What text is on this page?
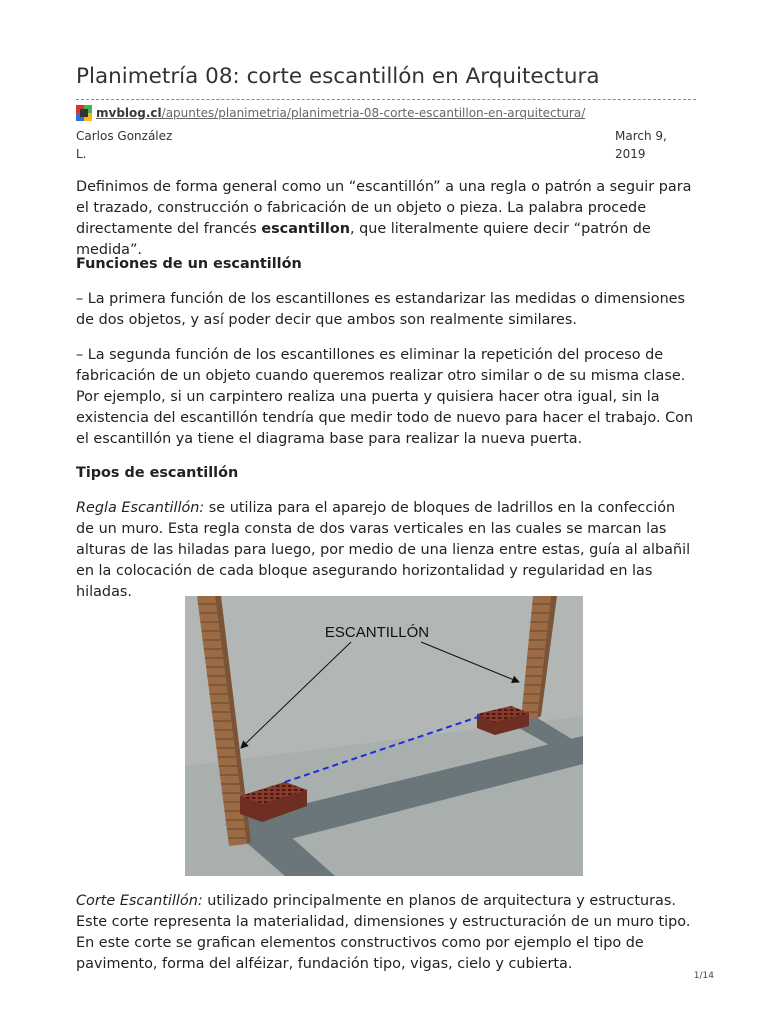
Planimetría 08: corte escantillón en Arquitectura
mvblog.cl/apuntes/planimetria/planimetria-08-corte-escantillon-en-arquitectura/
Carlos González
L.
March 9,
2019

Definimos de forma general como un “escantillón” a una regla o patrón a seguir para el trazado, construcción o fabricación de un objeto o pieza. La palabra procede directamente del francés escantillon, que literalmente quiere decir “patrón de medida”.

Funciones de un escantillón

– La primera función de los escantillones es estandarizar las medidas o dimensiones de dos objetos, y así poder decir que ambos son realmente similares.

– La segunda función de los escantillones es eliminar la repetición del proceso de fabricación de un objeto cuando queremos realizar otro similar o de su misma clase. Por ejemplo, si un carpintero realiza una puerta y quisiera hacer otra igual, sin la existencia del escantillón tendría que medir todo de nuevo para hacer el trabajo. Con el escantillón ya tiene el diagrama base para realizar la nueva puerta.

Tipos de escantillón

Regla Escantillón: se utiliza para el aparejo de bloques de ladrillos en la confección de un muro. Esta regla consta de dos varas verticales en las cuales se marcan las alturas de las hiladas para luego, por medio de una lienza entre estas, guía al albañil en la colocación de cada bloque asegurando horizontalidad y regularidad en las hiladas.

ESCANTILLÓN

Corte Escantillón: utilizado principalmente en planos de arquitectura y estructuras. Este corte representa la materialidad, dimensiones y estructuración de un muro tipo. En este corte se grafican elementos constructivos como por ejemplo el tipo de pavimento, forma del alféizar, fundación tipo, vigas, cielo y cubierta.

1/14
